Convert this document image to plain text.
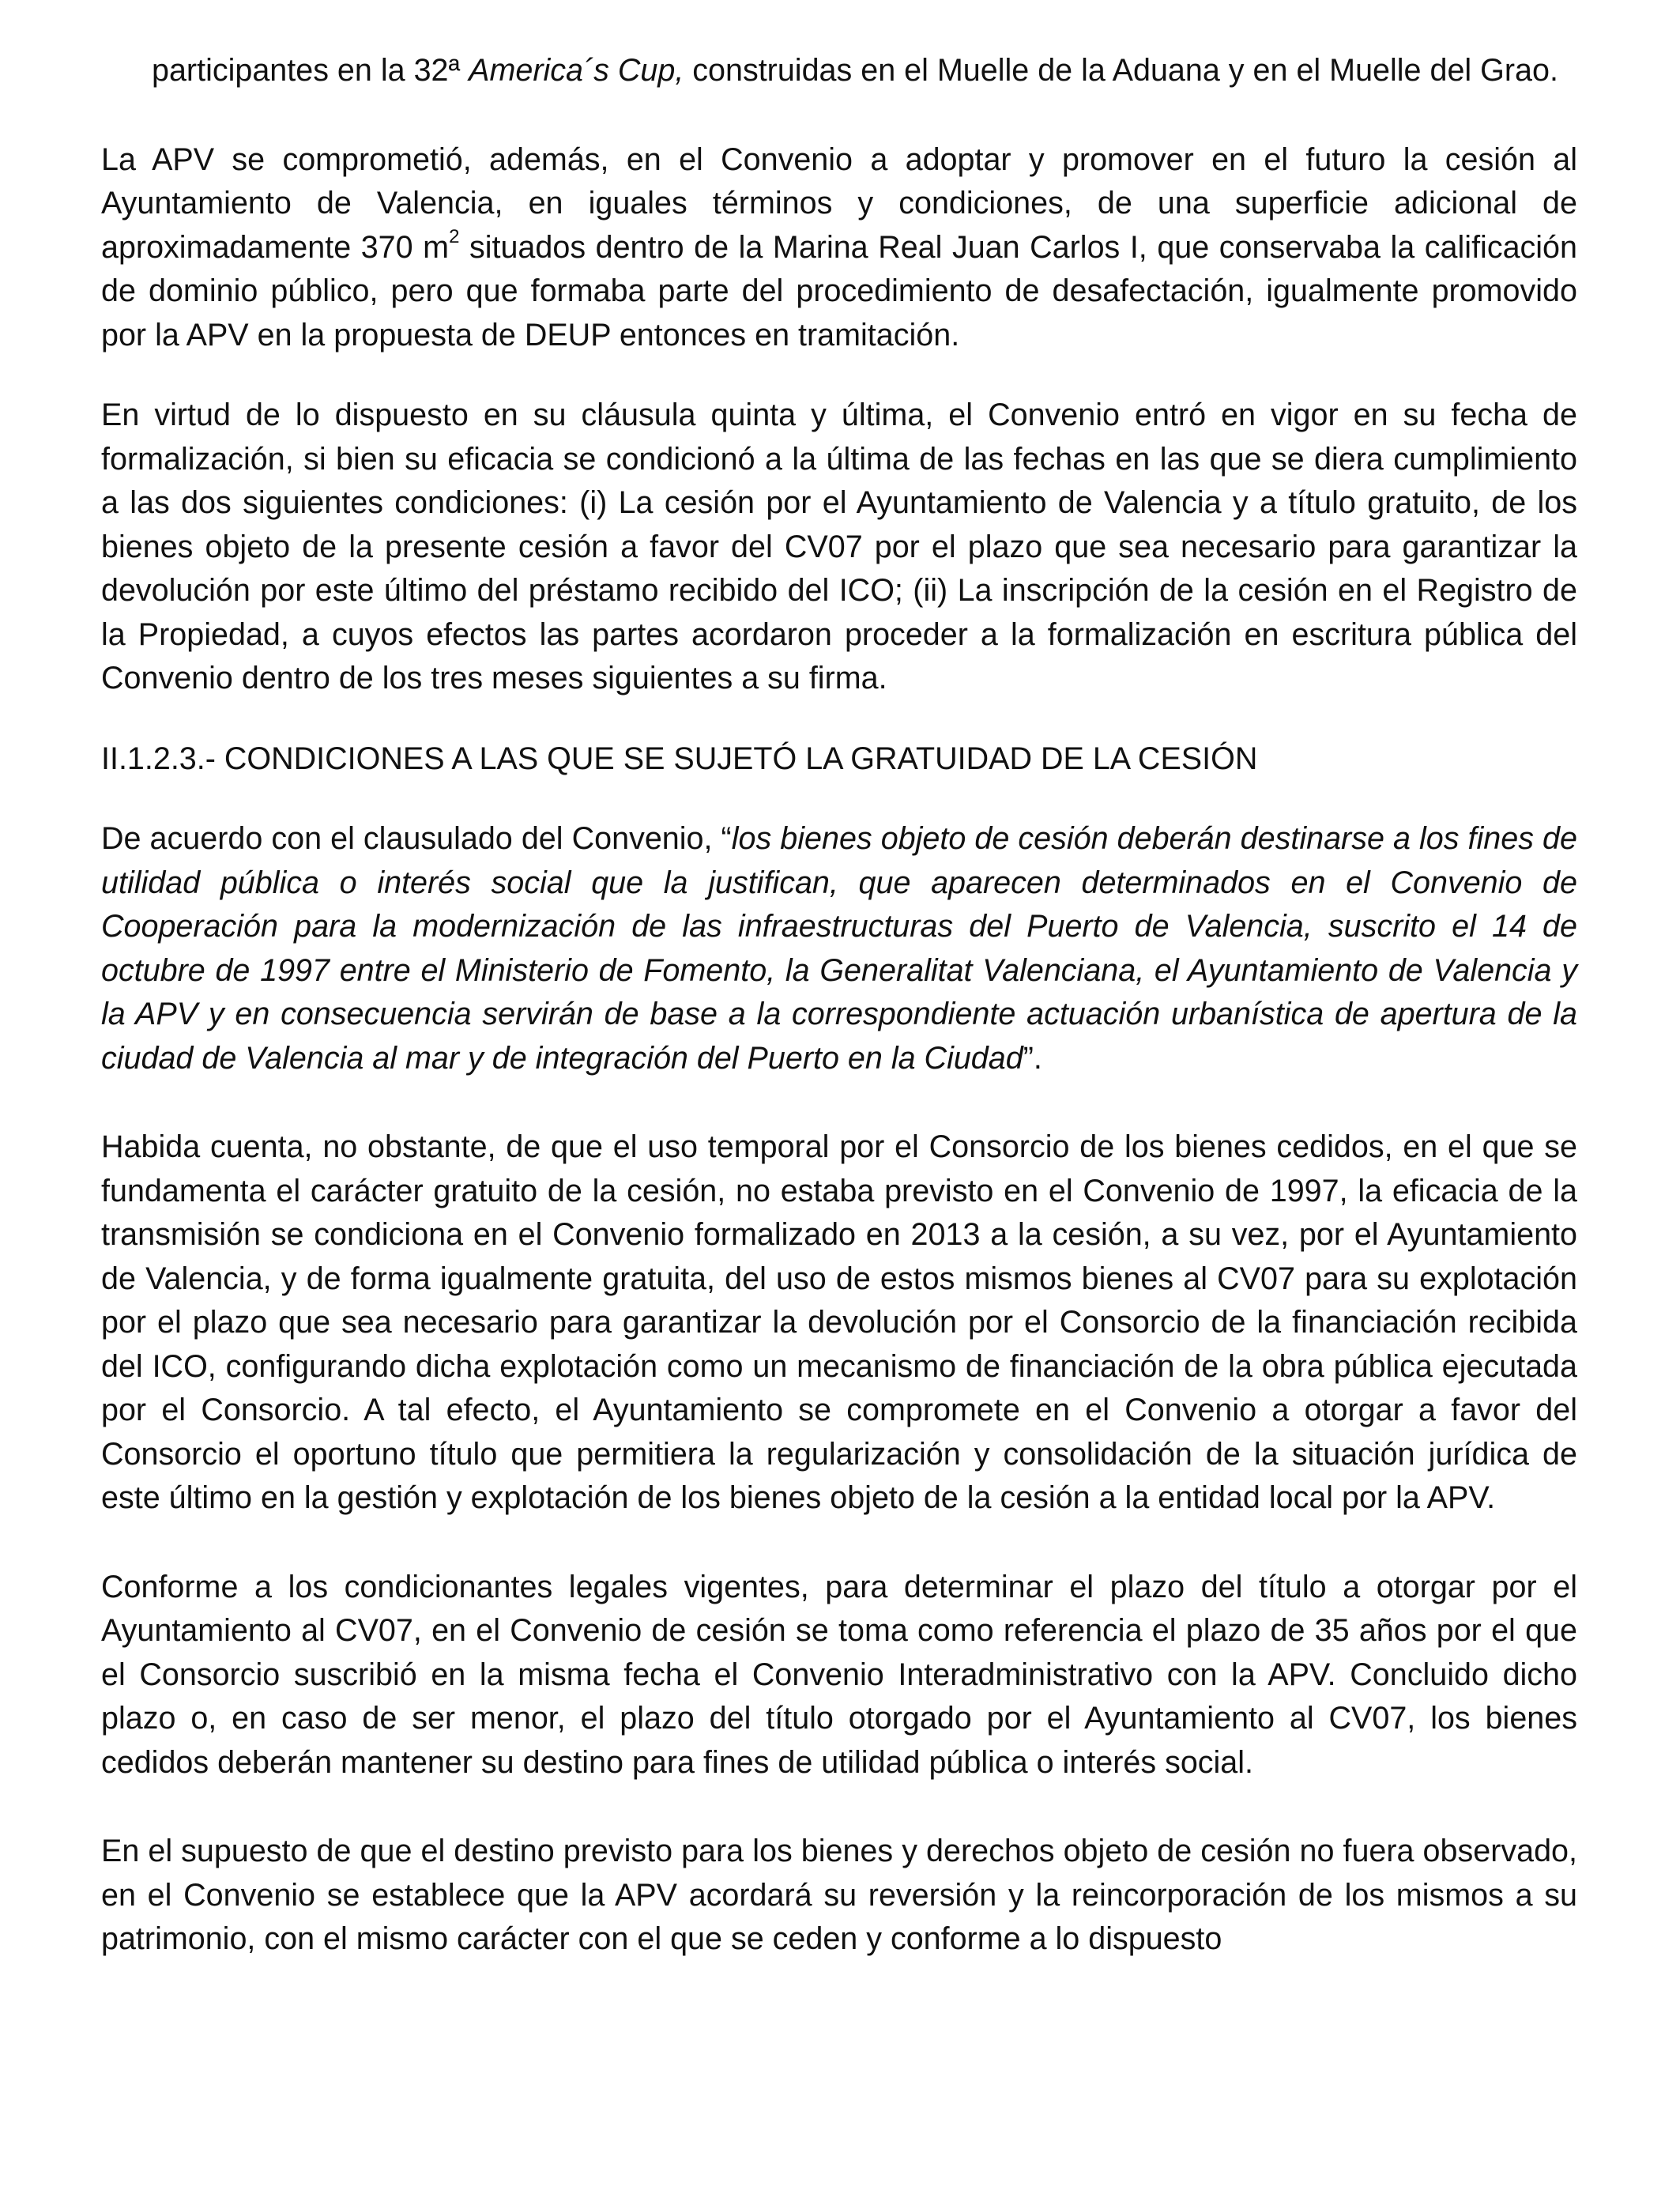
participantes en la 32ª America´s Cup, construidas en el Muelle de la Aduana y en el Muelle del Grao.

La APV se comprometió, además, en el Convenio a adoptar y promover en el futuro la cesión al Ayuntamiento de Valencia, en iguales términos y condiciones, de una superficie adicional de aproximadamente 370 $m^2$ situados dentro de la Marina Real Juan Carlos I, que conservaba la calificación de dominio público, pero que formaba parte del procedimiento de desafectación, igualmente promovido por la APV en la propuesta de DEUP entonces en tramitación.

En virtud de lo dispuesto en su cláusula quinta y última, el Convenio entró en vigor en su fecha de formalización, si bien su eficacia se condicionó a la última de las fechas en las que se diera cumplimiento a las dos siguientes condiciones: (i) La cesión por el Ayuntamiento de Valencia y a título gratuito, de los bienes objeto de la presente cesión a favor del CV07 por el plazo que sea necesario para garantizar la devolución por este último del préstamo recibido del ICO; (ii) La inscripción de la cesión en el Registro de la Propiedad, a cuyos efectos las partes acordaron proceder a la formalización en escritura pública del Convenio dentro de los tres meses siguientes a su firma.

II.1.2.3.- CONDICIONES A LAS QUE SE SUJETÓ LA GRATUIDAD DE LA CESIÓN

De acuerdo con el clausulado del Convenio, “los bienes objeto de cesión deberán destinarse a los fines de utilidad pública o interés social que la justifican, que aparecen determinados en el Convenio de Cooperación para la modernización de las infraestructuras del Puerto de Valencia, suscrito el 14 de octubre de 1997 entre el Ministerio de Fomento, la Generalitat Valenciana, el Ayuntamiento de Valencia y la APV y en consecuencia servirán de base a la correspondiente actuación urbanística de apertura de la ciudad de Valencia al mar y de integración del Puerto en la Ciudad”.

Habida cuenta, no obstante, de que el uso temporal por el Consorcio de los bienes cedidos, en el que se fundamenta el carácter gratuito de la cesión, no estaba previsto en el Convenio de 1997, la eficacia de la transmisión se condiciona en el Convenio formalizado en 2013 a la cesión, a su vez, por el Ayuntamiento de Valencia, y de forma igualmente gratuita, del uso de estos mismos bienes al CV07 para su explotación por el plazo que sea necesario para garantizar la devolución por el Consorcio de la financiación recibida del ICO, configurando dicha explotación como un mecanismo de financiación de la obra pública ejecutada por el Consorcio. A tal efecto, el Ayuntamiento se compromete en el Convenio a otorgar a favor del Consorcio el oportuno título que permitiera la regularización y consolidación de la situación jurídica de este último en la gestión y explotación de los bienes objeto de la cesión a la entidad local por la APV.

Conforme a los condicionantes legales vigentes, para determinar el plazo del título a otorgar por el Ayuntamiento al CV07, en el Convenio de cesión se toma como referencia el plazo de 35 años por el que el Consorcio suscribió en la misma fecha el Convenio Interadministrativo con la APV. Concluido dicho plazo o, en caso de ser menor, el plazo del título otorgado por el Ayuntamiento al CV07, los bienes cedidos deberán mantener su destino para fines de utilidad pública o interés social.

En el supuesto de que el destino previsto para los bienes y derechos objeto de cesión no fuera observado, en el Convenio se establece que la APV acordará su reversión y la reincorporación de los mismos a su patrimonio, con el mismo carácter con el que se ceden y conforme a lo dispuesto
